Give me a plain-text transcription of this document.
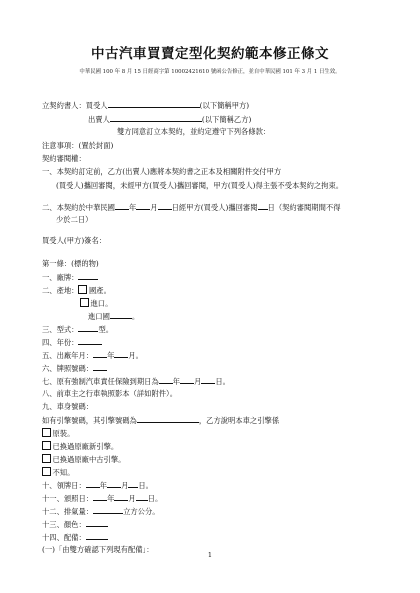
中古汽車買賣定型化契約範本修正條文
中華民國 100 年 8 月 15 日經商字第 10002421610 號函公告修正，並自中華民國 101 年 3 月 1 日生效。
立契約書人：買受人	(以下簡稱甲方)
出賣人	(以下簡稱乙方)
雙方同意訂立本契約，並約定遵守下列各條款：
注意事項：(置於封面)
契約審閱權：
一、本契約訂定前，乙方(出賣人)應將本契約書之正本及相關附件交付甲方
(買受人)攜回審閱，未經甲方(買受人)攜回審閱，甲方(買受人)得主張不受本契約之拘束。
二、本契約於中華民國 年 月 日經甲方(買受人)攜回審閱 日（契約審閱期間不得
少於二日）
買受人(甲方)簽名：
第一條：(標的物)
一、廠牌：
二、產地： 國產。
進口。
進口國	。
三、型式：	型。
四、年份：
五、出廠年月： 年 月。
六、牌照號碼：
七、原有強制汽車責任保險到期日為 年 月 日。
八、前車主之行車執照影本（詳如附件）。
九、車身號碼：
如有引擎號碼，其引擎號碼為	，乙方說明本車之引擎係
原裝。
已換過原廠新引擎。
已換過原廠中古引擎。
不知。
十、領牌日： 年 月 日。
十一、頒照日： 年 月 日。
十二、排氣量：	立方公分。
十三、顏色：
十四、配備：
(一)「由雙方確認下列現有配備」：
1
